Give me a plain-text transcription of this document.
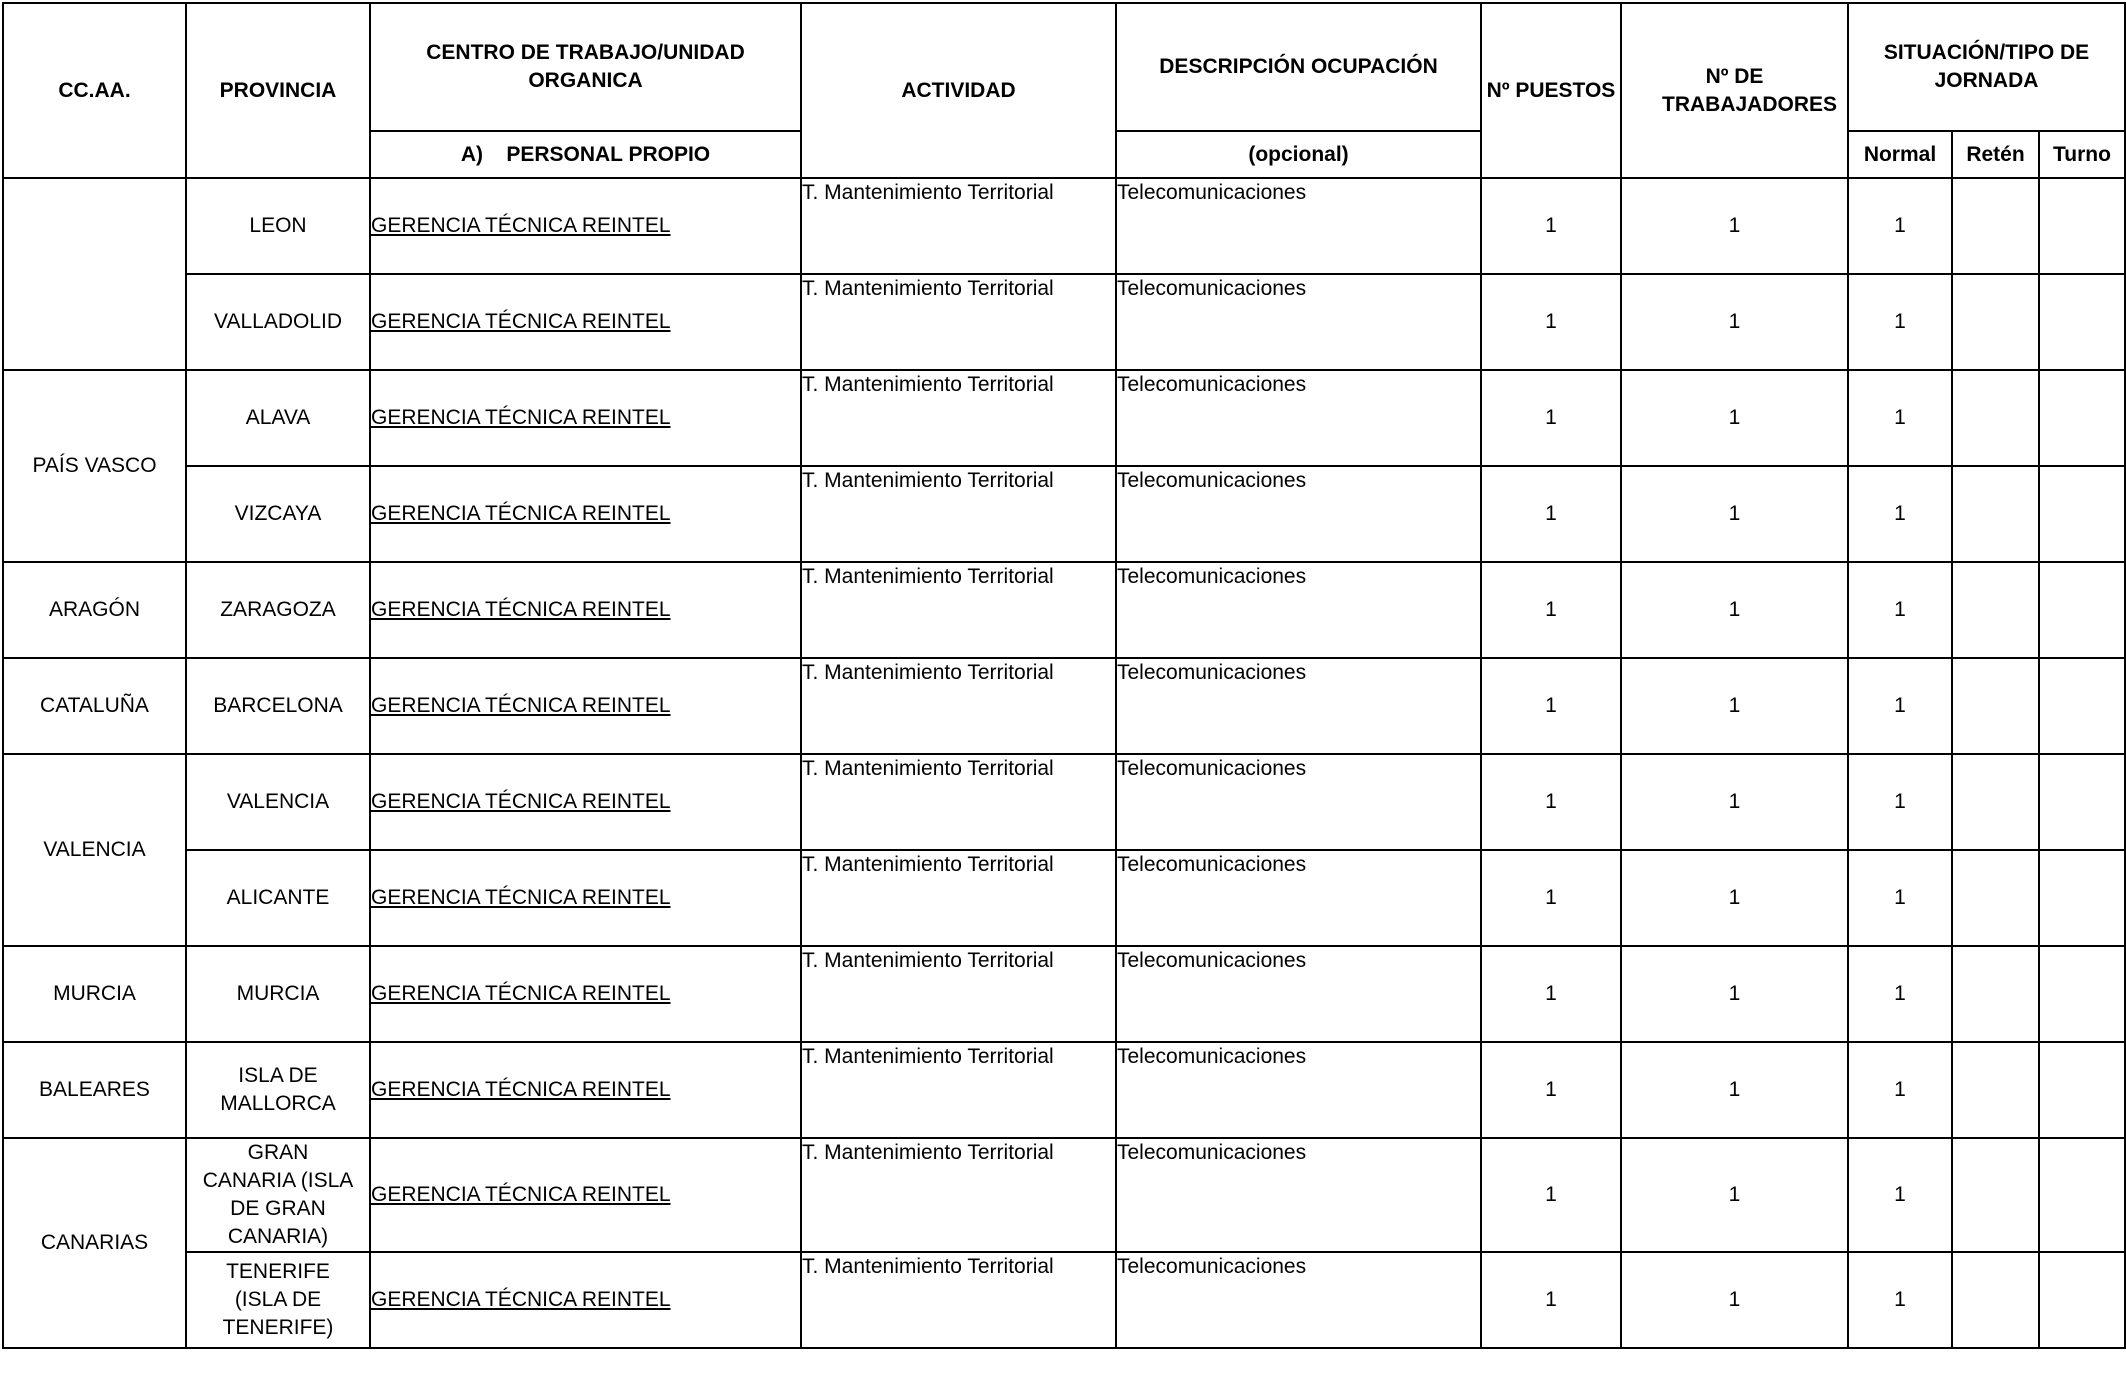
CC.AA.	PROVINCIA	CENTRO DE TRABAJO/UNIDAD ORGANICA	ACTIVIDAD	DESCRIPCIÓN OCUPACIÓN	Nº PUESTOS	Nº DE TRABAJADORES	SITUACIÓN/TIPO DE JORNADA		
		A)    PERSONAL PROPIO		(opcional)			Normal	Retén	Turno
	LEON	GERENCIA TÉCNICA REINTEL	T. Mantenimiento Territorial	Telecomunicaciones	1	1	1		
	VALLADOLID	GERENCIA TÉCNICA REINTEL	T. Mantenimiento Territorial	Telecomunicaciones	1	1	1		
PAÍS VASCO	ALAVA	GERENCIA TÉCNICA REINTEL	T. Mantenimiento Territorial	Telecomunicaciones	1	1	1		
	VIZCAYA	GERENCIA TÉCNICA REINTEL	T. Mantenimiento Territorial	Telecomunicaciones	1	1	1		
ARAGÓN	ZARAGOZA	GERENCIA TÉCNICA REINTEL	T. Mantenimiento Territorial	Telecomunicaciones	1	1	1		
CATALUÑA	BARCELONA	GERENCIA TÉCNICA REINTEL	T. Mantenimiento Territorial	Telecomunicaciones	1	1	1		
VALENCIA	VALENCIA	GERENCIA TÉCNICA REINTEL	T. Mantenimiento Territorial	Telecomunicaciones	1	1	1		
	ALICANTE	GERENCIA TÉCNICA REINTEL	T. Mantenimiento Territorial	Telecomunicaciones	1	1	1		
MURCIA	MURCIA	GERENCIA TÉCNICA REINTEL	T. Mantenimiento Territorial	Telecomunicaciones	1	1	1		
BALEARES	ISLA DE MALLORCA	GERENCIA TÉCNICA REINTEL	T. Mantenimiento Territorial	Telecomunicaciones	1	1	1		
CANARIAS	GRAN CANARIA (ISLA DE GRAN CANARIA)	GERENCIA TÉCNICA REINTEL	T. Mantenimiento Territorial	Telecomunicaciones	1	1	1		
	TENERIFE (ISLA DE TENERIFE)	GERENCIA TÉCNICA REINTEL	T. Mantenimiento Territorial	Telecomunicaciones	1	1	1		
